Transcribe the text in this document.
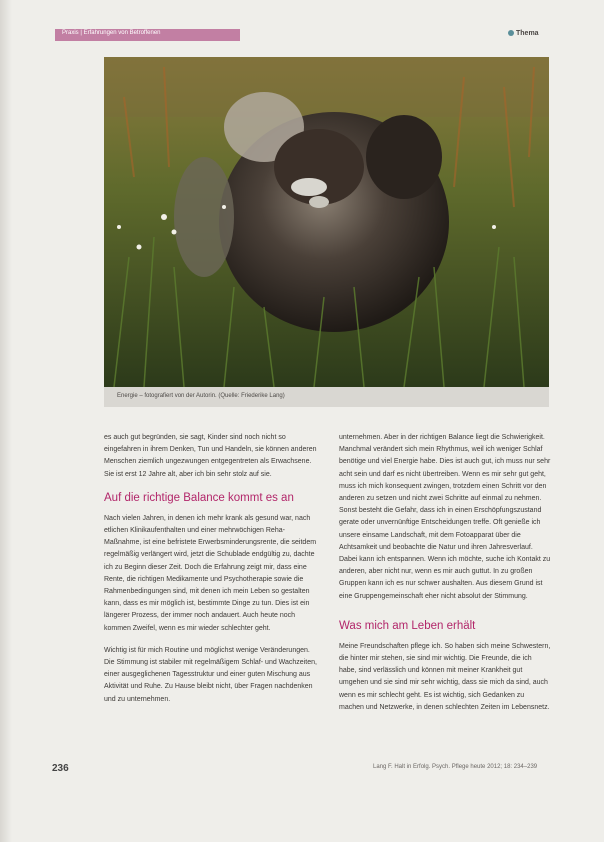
Praxis | Erfahrungen von Betroffenen	Thema
Energie – fotografiert von der Autorin. (Quelle: Friederike Lang)

es auch gut begründen, sie sagt, Kinder sind noch nicht so eingefahren in ihrem Denken, Tun und Handeln, sie können anderen Menschen ziemlich ungezwungen entgegentreten als Erwachsene. Sie ist erst 12 Jahre alt, aber ich bin sehr stolz auf sie.

Auf die richtige Balance kommt es an

Nach vielen Jahren, in denen ich mehr krank als gesund war, nach etlichen Klinikaufenthalten und einer mehrwöchigen Reha-Maßnahme, ist eine befristete Erwerbsminderungsrente, die seitdem regelmäßig verlängert wird, jetzt die Schublade endgültig zu, dachte ich zu Beginn dieser Zeit. Doch die Erfahrung zeigt mir, dass eine Rente, die richtigen Medikamente und Psychotherapie sowie die Rahmenbedingungen sind, mit denen ich mein Leben so gestalten kann, dass es mir möglich ist, bestimmte Dinge zu tun. Dies ist ein längerer Prozess, der immer noch andauert. Auch heute noch kommen Zweifel, wenn es mir wieder schlechter geht.

Wichtig ist für mich Routine und möglichst wenige Veränderungen. Die Stimmung ist stabiler mit regelmäßigem Schlaf- und Wachzeiten, einer ausgeglichenen Tagesstruktur und einer guten Mischung aus Aktivität und Ruhe. Zu Hause bleibt nicht, über Fragen nachdenken und zu unternehmen.

unternehmen. Aber in der richtigen Balance liegt die Schwierigkeit. Manchmal verändert sich mein Rhythmus, weil ich weniger Schlaf benötige und viel Energie habe. Dies ist auch gut, ich muss nur sehr acht sein und darf es nicht übertreiben. Wenn es mir sehr gut geht, muss ich mich konsequent zwingen, trotzdem einen Schritt vor den anderen zu setzen und nicht zwei Schritte auf einmal zu nehmen. Sonst besteht die Gefahr, dass ich in einen Erschöpfungszustand gerate oder unvernünftige Entscheidungen treffe. Oft genieße ich unsere einsame Landschaft, mit dem Fotoapparat über die Achtsamkeit und beobachte die Natur und ihren Jahresverlauf. Dabei kann ich entspannen. Wenn ich möchte, suche ich Kontakt zu anderen, aber nicht nur, wenn es mir auch guttut. In zu großen Gruppen kann ich es nur schwer aushalten. Aus diesem Grund ist eine Gruppengemeinschaft eher nicht absolut der Stimmung.

Was mich am Leben erhält

Meine Freundschaften pflege ich. So haben sich meine Schwestern, die hinter mir stehen, sie sind mir wichtig. Die Freunde, die ich habe, sind verlässlich und können mit meiner Krankheit gut umgehen und sie sind mir sehr wichtig, dass sie mich da sind, auch wenn es mir schlecht geht. Es ist wichtig, sich Gedanken zu machen und Netzwerke, in denen schlechten Zeiten im Lebensnetz.

236	Lang F. Halt in Erfolg. Psych. Pflege heute 2012; 18: 234–239
